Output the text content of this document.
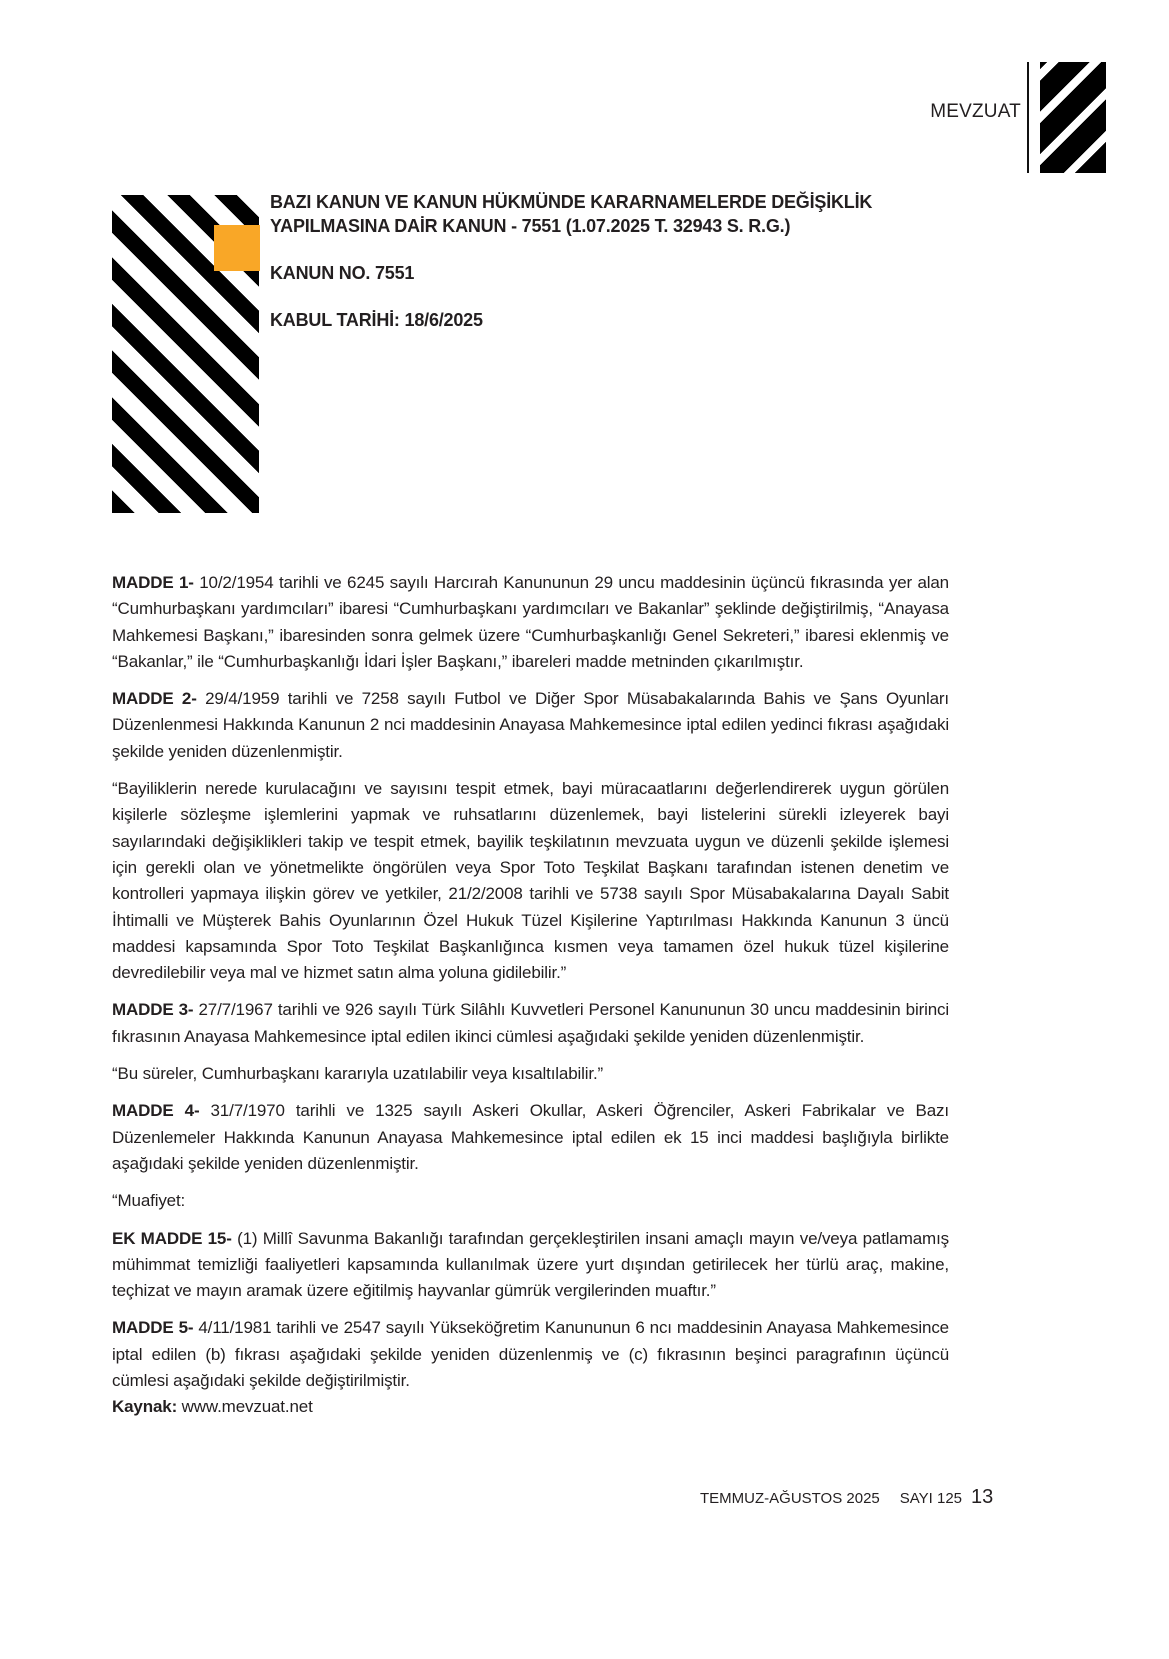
MEVZUAT
BAZI KANUN VE KANUN HÜKMÜNDE KARARNAMELERDE DEĞİŞİKLİK YAPILMASINA DAİR KANUN - 7551 (1.07.2025 T. 32943 S. R.G.)

KANUN NO. 7551

KABUL TARİHİ: 18/6/2025

MADDE 1- 10/2/1954 tarihli ve 6245 sayılı Harcırah Kanununun 29 uncu maddesinin üçüncü fıkrasında yer alan “Cumhurbaşkanı yardımcıları” ibaresi “Cumhurbaşkanı yardımcıları ve Bakanlar” şeklinde değiştirilmiş, “Anayasa Mahkemesi Başkanı,” ibaresinden sonra gelmek üzere “Cumhurbaşkanlığı Genel Sekreteri,” ibaresi eklenmiş ve “Bakanlar,” ile “Cumhurbaşkanlığı İdari İşler Başkanı,” ibareleri madde metninden çıkarılmıştır.

MADDE 2- 29/4/1959 tarihli ve 7258 sayılı Futbol ve Diğer Spor Müsabakalarında Bahis ve Şans Oyunları Düzenlenmesi Hakkında Kanunun 2 nci maddesinin Anayasa Mahkemesince iptal edilen yedinci fıkrası aşağıdaki şekilde yeniden düzenlenmiştir.

“Bayiliklerin nerede kurulacağını ve sayısını tespit etmek, bayi müracaatlarını değerlendirerek uygun görülen kişilerle sözleşme işlemlerini yapmak ve ruhsatlarını düzenlemek, bayi listelerini sürekli izleyerek bayi sayılarındaki değişiklikleri takip ve tespit etmek, bayilik teşkilatının mevzuata uygun ve düzenli şekilde işlemesi için gerekli olan ve yönetmelikte öngörülen veya Spor Toto Teşkilat Başkanı tarafından istenen denetim ve kontrolleri yapmaya ilişkin görev ve yetkiler, 21/2/2008 tarihli ve 5738 sayılı Spor Müsabakalarına Dayalı Sabit İhtimalli ve Müşterek Bahis Oyunlarının Özel Hukuk Tüzel Kişilerine Yaptırılması Hakkında Kanunun 3 üncü maddesi kapsamında Spor Toto Teşkilat Başkanlığınca kısmen veya tamamen özel hukuk tüzel kişilerine devredilebilir veya mal ve hizmet satın alma yoluna gidilebilir.”

MADDE 3- 27/7/1967 tarihli ve 926 sayılı Türk Silâhlı Kuvvetleri Personel Kanununun 30 uncu maddesinin birinci fıkrasının Anayasa Mahkemesince iptal edilen ikinci cümlesi aşağıdaki şekilde yeniden düzenlenmiştir.

“Bu süreler, Cumhurbaşkanı kararıyla uzatılabilir veya kısaltılabilir.”

MADDE 4- 31/7/1970 tarihli ve 1325 sayılı Askeri Okullar, Askeri Öğrenciler, Askeri Fabrikalar ve Bazı Düzenlemeler Hakkında Kanunun Anayasa Mahkemesince iptal edilen ek 15 inci maddesi başlığıyla birlikte aşağıdaki şekilde yeniden düzenlenmiştir.

“Muafiyet:

EK MADDE 15- (1) Millî Savunma Bakanlığı tarafından gerçekleştirilen insani amaçlı mayın ve/veya patlamamış mühimmat temizliği faaliyetleri kapsamında kullanılmak üzere yurt dışından getirilecek her türlü araç, makine, teçhizat ve mayın aramak üzere eğitilmiş hayvanlar gümrük vergilerinden muaftır.”

MADDE 5- 4/11/1981 tarihli ve 2547 sayılı Yükseköğretim Kanununun 6 ncı maddesinin Anayasa Mahkemesince iptal edilen (b) fıkrası aşağıdaki şekilde yeniden düzenlenmiş ve (c) fıkrasının beşinci paragrafının üçüncü cümlesi aşağıdaki şekilde değiştirilmiştir.

Kaynak: www.mevzuat.net

TEMMUZ-AĞUSTOS 2025 SAYI 125 13
